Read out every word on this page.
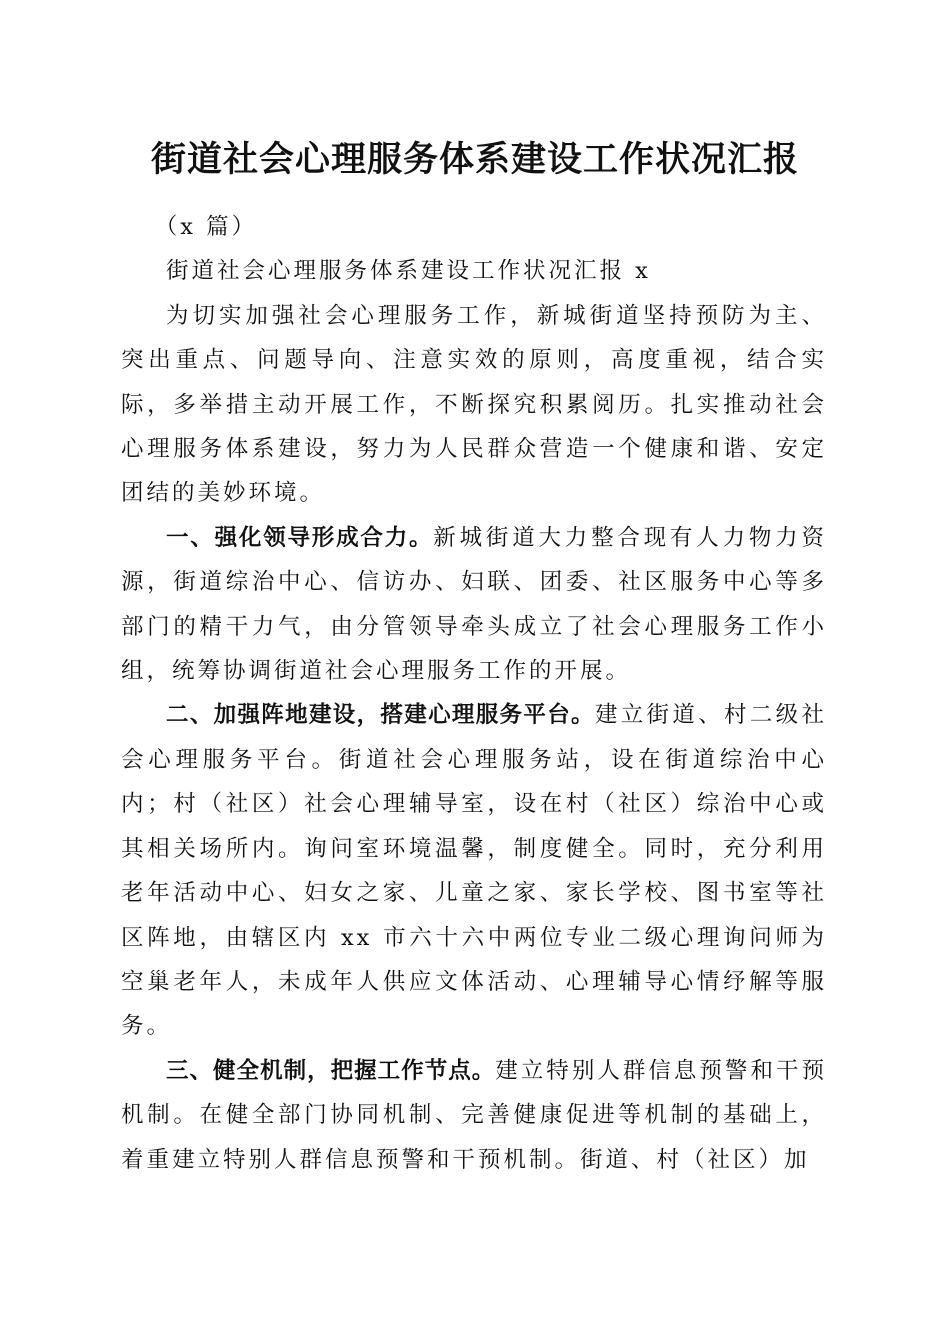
街道社会心理服务体系建设工作状况汇报

（x 篇）

街道社会心理服务体系建设工作状况汇报 x

为切实加强社会心理服务工作，新城街道坚持预防为主、突出重点、问题导向、注意实效的原则，高度重视，结合实际，多举措主动开展工作，不断探究积累阅历。扎实推动社会心理服务体系建设，努力为人民群众营造一个健康和谐、安定团结的美妙环境。

一、强化领导形成合力。新城街道大力整合现有人力物力资源，街道综治中心、信访办、妇联、团委、社区服务中心等多部门的精干力气，由分管领导牵头成立了社会心理服务工作小组，统筹协调街道社会心理服务工作的开展。

二、加强阵地建设，搭建心理服务平台。建立街道、村二级社会心理服务平台。街道社会心理服务站，设在街道综治中心内；村（社区）社会心理辅导室，设在村（社区）综治中心或其相关场所内。询问室环境温馨，制度健全。同时，充分利用老年活动中心、妇女之家、儿童之家、家长学校、图书室等社区阵地，由辖区内 xx 市六十六中两位专业二级心理询问师为空巢老年人，未成年人供应文体活动、心理辅导心情纾解等服务。

三、健全机制，把握工作节点。建立特别人群信息预警和干预机制。在健全部门协同机制、完善健康促进等机制的基础上，着重建立特别人群信息预警和干预机制。街道、村（社区）加
